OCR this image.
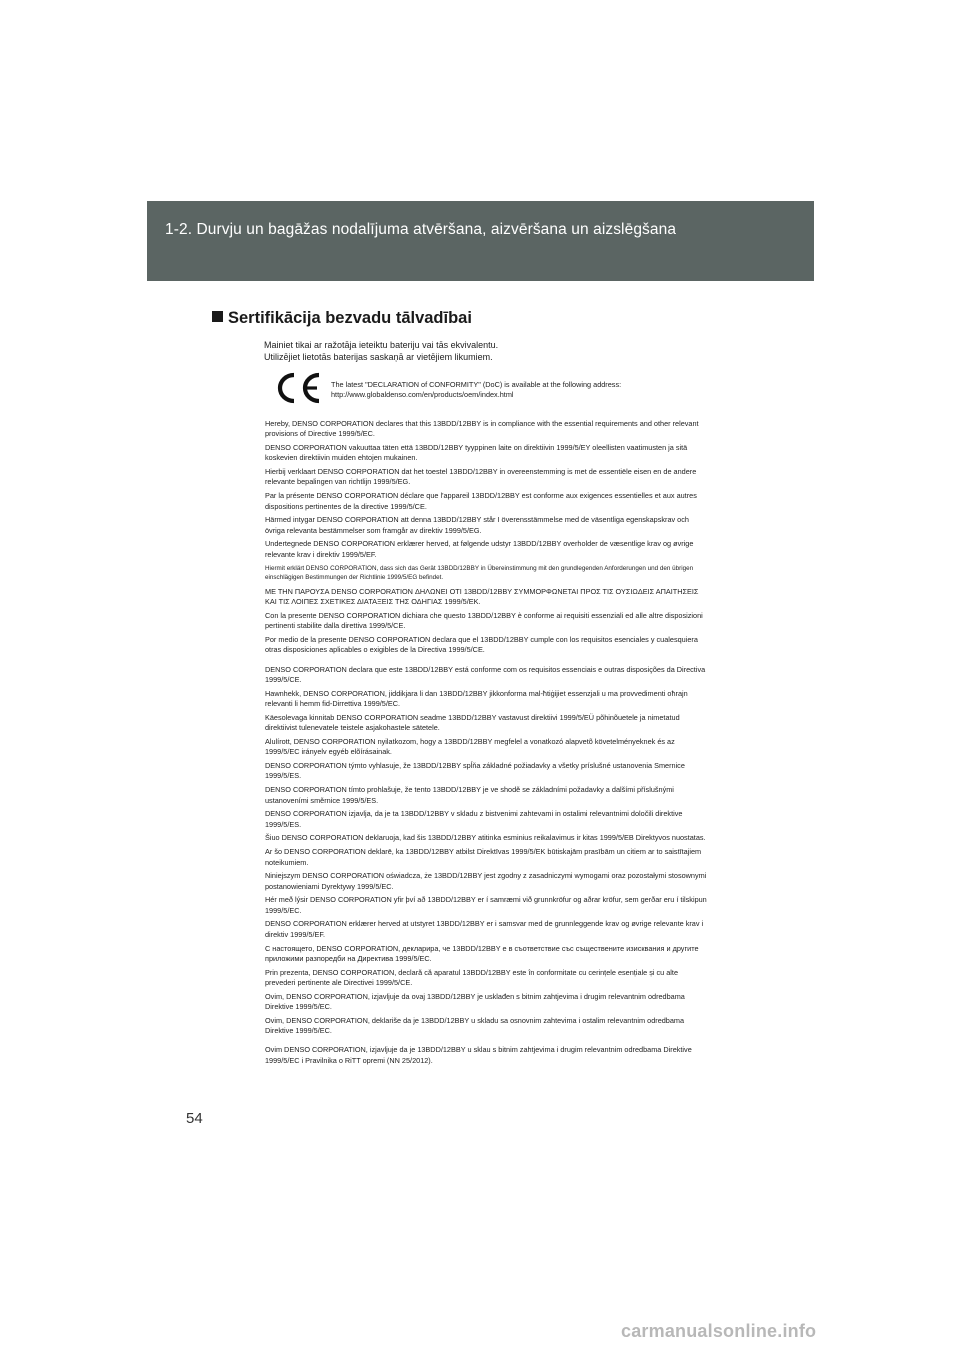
1-2. Durvju un bagāžas nodalījuma atvēršana, aizvēršana un aizslēgšana
Sertifikācija bezvadu tālvadībai
Mainiet tikai ar ražotāja ieteiktu bateriju vai tās ekvivalentu.
Utilizējiet lietotās baterijas saskaņā ar vietējiem likumiem.
The latest "DECLARATION of CONFORMITY" (DoC) is available at the following address:
http://www.globaldenso.com/en/products/oem/index.html

Hereby, DENSO CORPORATION declares that this 13BDD/12BBY is in compliance with the essential requirements and other relevant provisions of Directive 1999/5/EC.

DENSO CORPORATION vakuuttaa täten että 13BDD/12BBY tyyppinen laite on direktiivin 1999/5/EY oleellisten vaatimusten ja sitä koskevien direktiivin muiden ehtojen mukainen.

Hierbij verklaart DENSO CORPORATION dat het toestel 13BDD/12BBY in overeenstemming is met de essentiële eisen en de andere relevante bepalingen van richtlijn 1999/5/EG.

Par la présente DENSO CORPORATION déclare que l'appareil 13BDD/12BBY est conforme aux exigences essentielles et aux autres dispositions pertinentes de la directive 1999/5/CE.

Härmed intygar DENSO CORPORATION att denna 13BDD/12BBY står I överensstämmelse med de väsentliga egenskapskrav och övriga relevanta bestämmelser som framgår av direktiv 1999/5/EG.

Undertegnede DENSO CORPORATION erklærer herved, at følgende udstyr 13BDD/12BBY overholder de væsentlige krav og øvrige relevante krav i direktiv 1999/5/EF.

Hiermit erklärt DENSO CORPORATION, dass sich das Gerät 13BDD/12BBY in Übereinstimmung mit den grundlegenden Anforderungen und den übrigen einschlägigen Bestimmungen der Richtlinie 1999/5/EG befindet.

ΜΕ ΤΗΝ ΠΑΡΟΥΣΑ DENSO CORPORATION ΔΗΛΩΝΕΙ ΟΤΙ 13BDD/12BBY ΣΥΜΜΟΡΦΩΝΕΤΑΙ ΠΡΟΣ ΤΙΣ ΟΥΣΙΩΔΕΙΣ ΑΠΑΙΤΗΣΕΙΣ ΚΑΙ ΤΙΣ ΛΟΙΠΕΣ ΣΧΕΤΙΚΕΣ ΔΙΑΤΑΞΕΙΣ ΤΗΣ ΟΔΗΓΙΑΣ 1999/5/ΕΚ.

Con la presente DENSO CORPORATION dichiara che questo 13BDD/12BBY è conforme ai requisiti essenziali ed alle altre disposizioni pertinenti stabilite dalla direttiva 1999/5/CE.

Por medio de la presente DENSO CORPORATION declara que el 13BDD/12BBY cumple con los requisitos esenciales y cualesquiera otras disposiciones aplicables o exigibles de la Directiva 1999/5/CE.

DENSO CORPORATION declara que este 13BDD/12BBY está conforme com os requisitos essenciais e outras disposições da Directiva 1999/5/CE.

Hawnhekk, DENSO CORPORATION, jiddikjara li dan 13BDD/12BBY jikkonforma mal-ħtiġijiet essenzjali u ma provvedimenti oħrajn relevanti li hemm fid-Dirrettiva 1999/5/EC.

Käesolevaga kinnitab DENSO CORPORATION seadme 13BDD/12BBY vastavust direktiivi 1999/5/EÜ põhinõuetele ja nimetatud direktiivist tulenevatele teistele asjakohastele sätetele.

Alulírott, DENSO CORPORATION nyilatkozom, hogy a 13BDD/12BBY megfelel a vonatkozó alapvetõ követelményeknek és az 1999/5/EC irányelv egyéb elõírásainak.

DENSO CORPORATION týmto vyhlasuje, že 13BDD/12BBY spĺňa základné požiadavky a všetky príslušné ustanovenia Smernice 1999/5/ES.

DENSO CORPORATION tímto prohlašuje, že tento 13BDD/12BBY je ve shodě se základními požadavky a dalšími příslušnými ustanoveními směrnice 1999/5/ES.

DENSO CORPORATION izjavlja, da je ta 13BDD/12BBY v skladu z bistvenimi zahtevami in ostalimi relevantnimi določili direktive 1999/5/ES.

Šiuo DENSO CORPORATION deklaruoja, kad šis 13BDD/12BBY atitinka esminius reikalavimus ir kitas 1999/5/EB Direktyvos nuostatas.

Ar šo DENSO CORPORATION deklarē, ka 13BDD/12BBY atbilst Direktīvas 1999/5/EK būtiskajām prasībām un citiem ar to saistītajiem noteikumiem.

Niniejszym DENSO CORPORATION oświadcza, że 13BDD/12BBY jest zgodny z zasadniczymi wymogami oraz pozostałymi stosownymi postanowieniami Dyrektywy 1999/5/EC.

Hér með lýsir DENSO CORPORATION yfir því að 13BDD/12BBY er í samræmi við grunnkröfur og aðrar kröfur, sem gerðar eru í tilskipun 1999/5/EC.

DENSO CORPORATION erklærer herved at utstyret 13BDD/12BBY er i samsvar med de grunnleggende krav og øvrige relevante krav i direktiv 1999/5/EF.

С настоящето, DENSO CORPORATION, декларира, че 13BDD/12BBY е в съответствие със съществените изисквания и другите приложими разпоредби на Директива 1999/5/ЕС.

Prin prezenta, DENSO CORPORATION, declară că aparatul 13BDD/12BBY este în conformitate cu cerințele esențiale și cu alte prevederi pertinente ale Directivei 1999/5/CE.

Ovim, DENSO CORPORATION, izjavljuje da ovaj 13BDD/12BBY je usklađen s bitnim zahtjevima i drugim relevantnim odredbama Direktive 1999/5/EC.

Ovim, DENSO CORPORATION, deklariše da je 13BDD/12BBY u skladu sa osnovnim zahtevima i ostalim relevantnim odredbama Direktive 1999/5/EC.

Ovim DENSO CORPORATION, izjavljuje da je 13BDD/12BBY u sklau s bitnim zahtjevima i drugim relevantnim odredbama Direktive 1999/5/EC i Pravilnika o RiTT opremi (NN 25/2012).

54
carmanualsonline.info
